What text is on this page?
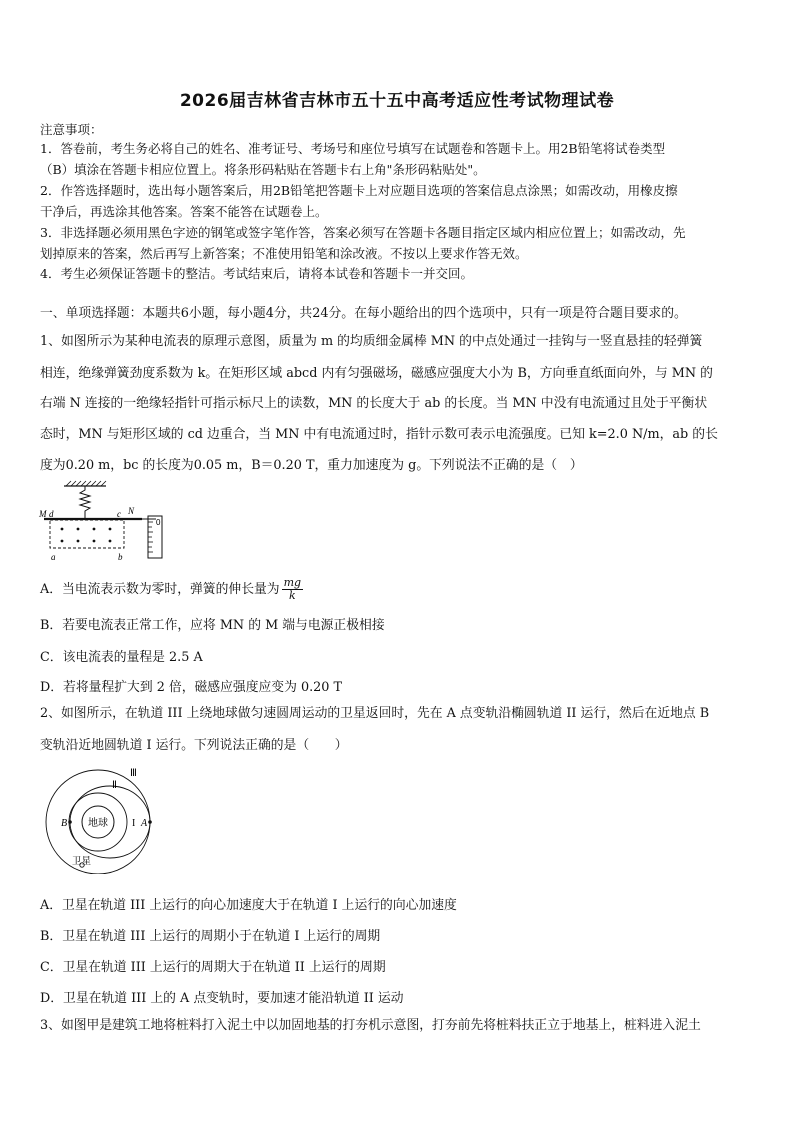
2026届吉林省吉林市五十五中高考适应性考试物理试卷
注意事项：
1．答卷前，考生务必将自己的姓名、准考证号、考场号和座位号填写在试题卷和答题卡上。用2B铅笔将试卷类型
（B）填涂在答题卡相应位置上。将条形码粘贴在答题卡右上角"条形码粘贴处"。
2．作答选择题时，选出每小题答案后，用2B铅笔把答题卡上对应题目选项的答案信息点涂黑；如需改动，用橡皮擦
干净后，再选涂其他答案。答案不能答在试题卷上。
3．非选择题必须用黑色字迹的钢笔或签字笔作答，答案必须写在答题卡各题目指定区域内相应位置上；如需改动，先
划掉原来的答案，然后再写上新答案；不准使用铅笔和涂改液。不按以上要求作答无效。
4．考生必须保证答题卡的整洁。考试结束后，请将本试卷和答题卡一并交回。
一、单项选择题：本题共6小题，每小题4分，共24分。在每小题给出的四个选项中，只有一项是符合题目要求的。
1、如图所示为某种电流表的原理示意图，质量为 m 的均质细金属棒 MN 的中点处通过一挂钩与一竖直悬挂的轻弹簧
相连，绝缘弹簧劲度系数为 k。在矩形区域 abcd 内有匀强磁场，磁感应强度大小为 B，方向垂直纸面向外，与 MN 的
右端 N 连接的一绝缘轻指针可指示标尺上的读数，MN 的长度大于 ab 的长度。当 MN 中没有电流通过且处于平衡状
态时，MN 与矩形区域的 cd 边重合，当 MN 中有电流通过时，指针示数可表示电流强度。已知 k=2.0 N/m，ab 的长
度为0.20 m，bc 的长度为0.05 m，B＝0.20 T，重力加速度为 g。下列说法不正确的是（　）
M d	c N
a	b
0
A．当电流表示数为零时，弹簧的伸长量为 $\frac{mg}{k}$
B．若要电流表正常工作，应将 MN 的 M 端与电源正极相接
C．该电流表的量程是 2.5 A
D．若将量程扩大到 2 倍，磁感应强度应变为 0.20 T
2、如图所示，在轨道 III 上绕地球做匀速圆周运动的卫星返回时，先在 A 点变轨沿椭圆轨道 II 运行，然后在近地点 B
变轨沿近地圆轨道 I 运行。下列说法正确的是（　　）
Ⅲ
Ⅱ
I
地球	A
B
卫星
A．卫星在轨道 III 上运行的向心加速度大于在轨道 I 上运行的向心加速度
B．卫星在轨道 III 上运行的周期小于在轨道 I 上运行的周期
C．卫星在轨道 III 上运行的周期大于在轨道 II 上运行的周期
D．卫星在轨道 III 上的 A 点变轨时，要加速才能沿轨道 II 运动
3、如图甲是建筑工地将桩料打入泥土中以加固地基的打夯机示意图，打夯前先将桩料扶正立于地基上，桩料进入泥土
